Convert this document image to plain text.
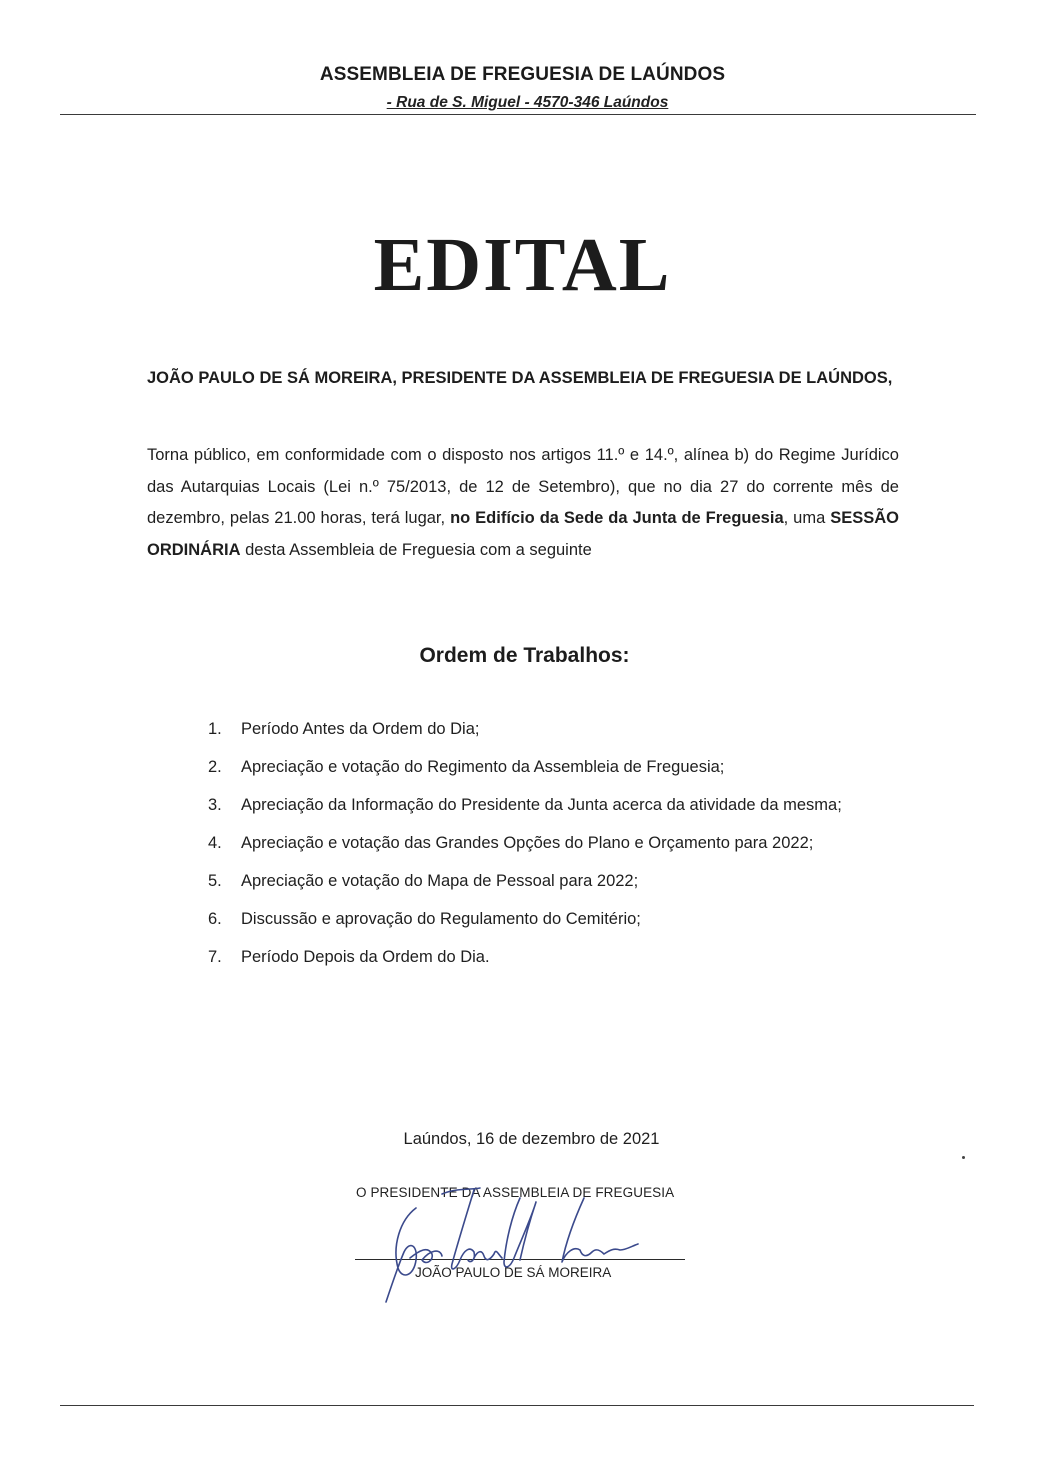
ASSEMBLEIA DE FREGUESIA DE LAÚNDOS
- Rua de S. Miguel - 4570-346 Laúndos
EDITAL
JOÃO PAULO DE SÁ MOREIRA, PRESIDENTE DA ASSEMBLEIA DE FREGUESIA DE LAÚNDOS,
Torna público, em conformidade com o disposto nos artigos 11.º e 14.º, alínea b) do Regime Jurídico das Autarquias Locais (Lei n.º 75/2013, de 12 de Setembro), que no dia 27 do corrente mês de dezembro, pelas 21.00 horas, terá lugar, no Edifício da Sede da Junta de Freguesia, uma SESSÃO ORDINÁRIA desta Assembleia de Freguesia com a seguinte
Ordem de Trabalhos:
1. Período Antes da Ordem do Dia;
2. Apreciação e votação do Regimento da Assembleia de Freguesia;
3. Apreciação da Informação do Presidente da Junta acerca da atividade da mesma;
4. Apreciação e votação das Grandes Opções do Plano e Orçamento para 2022;
5. Apreciação e votação do Mapa de Pessoal para 2022;
6. Discussão e aprovação do Regulamento do Cemitério;
7. Período Depois da Ordem do Dia.
Laúndos, 16 de dezembro de 2021
O PRESIDENTE DA ASSEMBLEIA DE FREGUESIA
JOÃO PAULO DE SÁ MOREIRA
